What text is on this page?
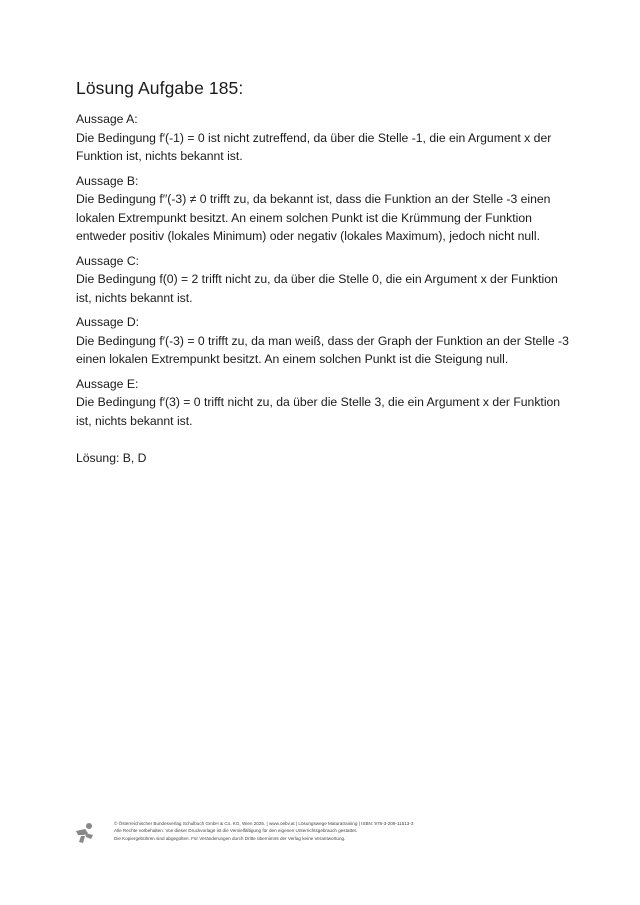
Lösung Aufgabe 185:
Aussage A:
Die Bedingung f′(-1) = 0 ist nicht zutreffend, da über die Stelle -1, die ein Argument x der Funktion ist, nichts bekannt ist.
Aussage B:
Die Bedingung f′′(-3) ≠ 0 trifft zu, da bekannt ist, dass die Funktion an der Stelle -3 einen lokalen Extrempunkt besitzt. An einem solchen Punkt ist die Krümmung der Funktion entweder positiv (lokales Minimum) oder negativ (lokales Maximum), jedoch nicht null.
Aussage C:
Die Bedingung f(0) = 2 trifft nicht zu, da über die Stelle 0, die ein Argument x der Funktion ist, nichts bekannt ist.
Aussage D:
Die Bedingung f′(-3) = 0 trifft zu, da man weiß, dass der Graph der Funktion an der Stelle -3 einen lokalen Extrempunkt besitzt. An einem solchen Punkt ist die Steigung null.
Aussage E:
Die Bedingung f′(3) = 0 trifft nicht zu, da über die Stelle 3, die ein Argument x der Funktion ist, nichts bekannt ist.

Lösung: B, D

© Österreichischer Bundesverlag Schulbuch GmbH & Co. KG, Wien 2025. | www.oebv.at | Lösungswege Maturatraining | ISBN: 978-3-209-11513-3
Alle Rechte vorbehalten. Von dieser Druckvorlage ist die Vervielfältigung für den eigenen Unterrichtsgebrauch gestattet.
Die Kopiergebühren sind abgegolten. Für Veränderungen durch Dritte übernimmt der Verlag keine Verantwortung.
